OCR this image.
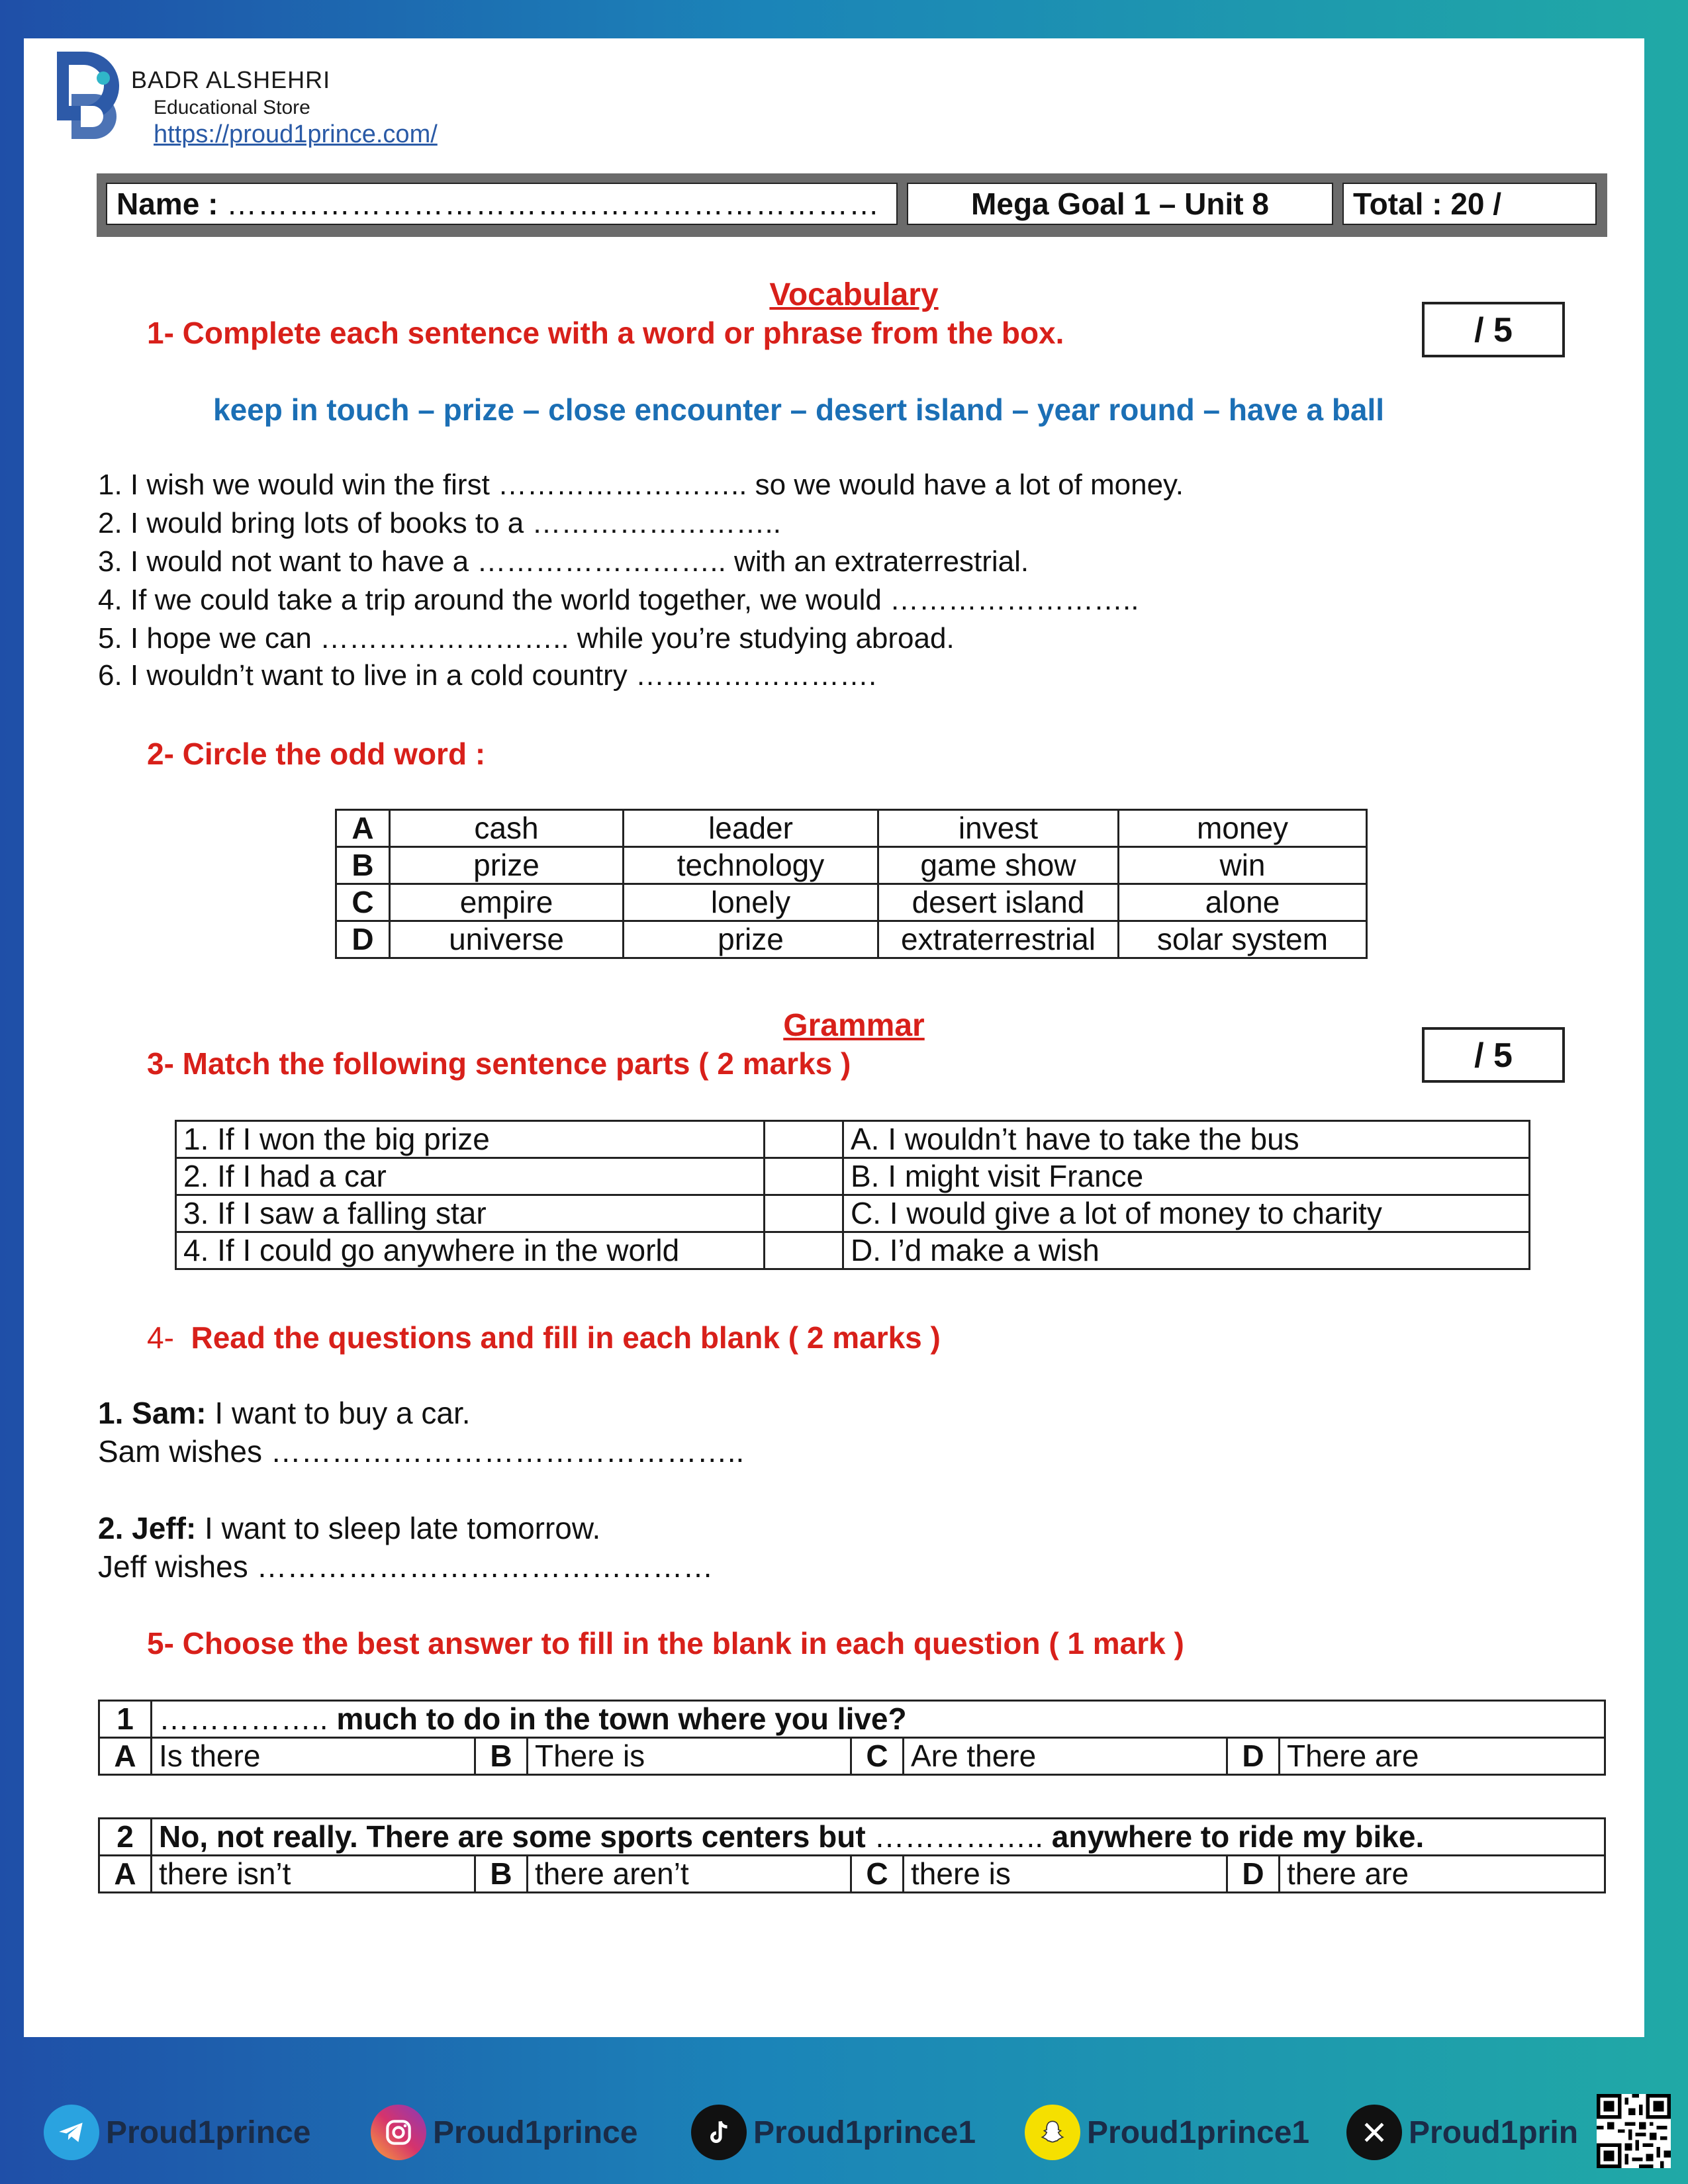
BADR ALSHEHRI
Educational Store
https://proud1prince.com/
Name : ………………………………………………………	Mega Goal 1 – Unit 8	Total : 20 /
Vocabulary
1- Complete each sentence with a word or phrase from the box.	/ 5
keep in touch – prize – close encounter – desert island – year round – have a ball
1. I wish we would win the first …………………….. so we would have a lot of money.
2. I would bring lots of books to a ……………………..
3. I would not want to have a …………………….. with an extraterrestrial.
4. If we could take a trip around the world together, we would ……………………..
5. I hope we can …………………….. while you’re studying abroad.
6. I wouldn’t want to live in a cold country …………………….
2- Circle the odd word :
A	cash	leader	invest	money
B	prize	technology	game show	win
C	empire	lonely	desert island	alone
D	universe	prize	extraterrestrial	solar system
Grammar
3- Match the following sentence parts ( 2 marks )	/ 5
1. If I won the big prize		A. I wouldn’t have to take the bus
2. If I had a car		B. I might visit France
3. If I saw a falling star		C. I would give a lot of money to charity
4. If I could go anywhere in the world		D. I’d make a wish
4- Read the questions and fill in each blank ( 2 marks )
1. Sam: I want to buy a car.
Sam wishes ………………………………………..
2. Jeff: I want to sleep late tomorrow.
Jeff wishes ………………………………………
5- Choose the best answer to fill in the blank in each question ( 1 mark )
1	…………….. much to do in the town where you live?						
A	Is there	B	There is	C	Are there	D	There are
2	No, not really. There are some sports centers but …………….. anywhere to ride my bike.						
A	there isn’t	B	there aren’t	C	there is	D	there are
Proud1prince	Proud1prince	Proud1prince1	Proud1prince1	Proud1prin
